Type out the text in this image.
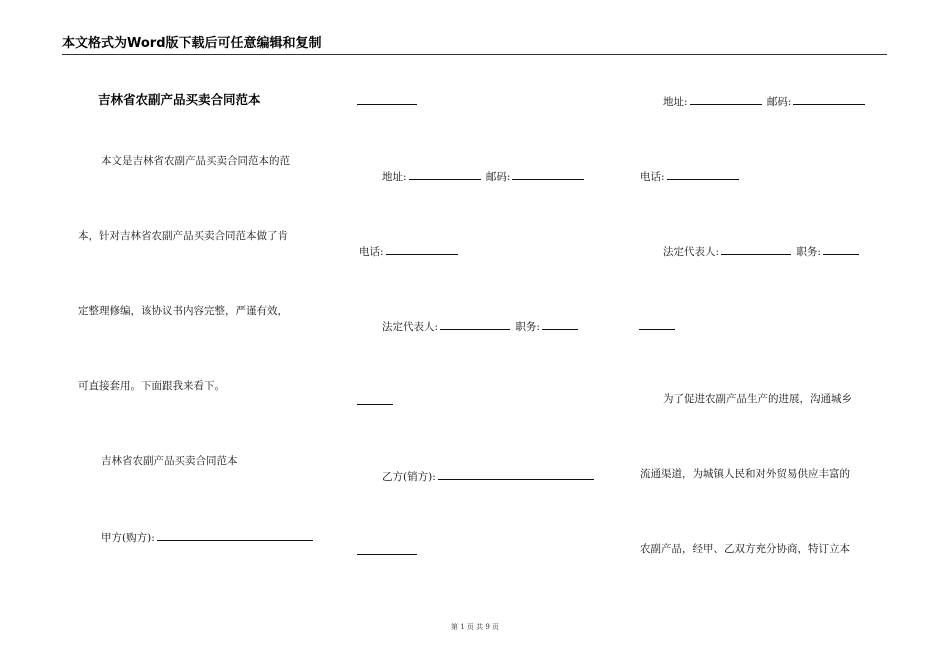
本文格式为Word版下载后可任意编辑和复制
吉林省农副产品买卖合同范本
本文是吉林省农副产品买卖合同范本的范
本，针对吉林省农副产品买卖合同范本做了肯
定整理修编，该协议书内容完整，严谨有效，
可直接套用。下面跟我来看下。
吉林省农副产品买卖合同范本
甲方(购方):
地址:	邮码:
电话:
法定代表人:	职务:
乙方(销方):
地址:	邮码:
电话:
法定代表人:	职务:
为了促进农副产品生产的进展，沟通城乡
流通渠道，为城镇人民和对外贸易供应丰富的
农副产品，经甲、乙双方充分协商，特订立本
第 1 页 共 9 页
